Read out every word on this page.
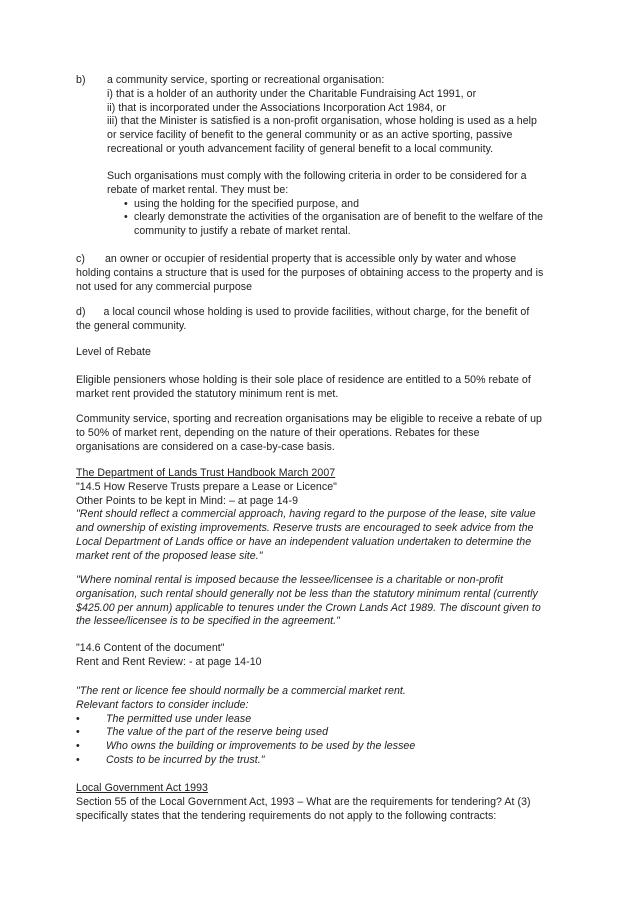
b) a community service, sporting or recreational organisation:
i) that is a holder of an authority under the Charitable Fundraising Act 1991, or
ii) that is incorporated under the Associations Incorporation Act 1984, or
iii) that the Minister is satisfied is a non-profit organisation, whose holding is used as a help
or service facility of benefit to the general community or as an active sporting, passive
recreational or youth advancement facility of general benefit to a local community.
Such organisations must comply with the following criteria in order to be considered for a
rebate of market rental. They must be:
• using the holding for the specified purpose, and
• clearly demonstrate the activities of the organisation are of benefit to the welfare of the
community to justify a rebate of market rental.
c) an owner or occupier of residential property that is accessible only by water and whose
holding contains a structure that is used for the purposes of obtaining access to the property and is
not used for any commercial purpose
d) a local council whose holding is used to provide facilities, without charge, for the benefit of
the general community.
Level of Rebate
Eligible pensioners whose holding is their sole place of residence are entitled to a 50% rebate of
market rent provided the statutory minimum rent is met.
Community service, sporting and recreation organisations may be eligible to receive a rebate of up
to 50% of market rent, depending on the nature of their operations. Rebates for these
organisations are considered on a case-by-case basis.
The Department of Lands Trust Handbook March 2007
"14.5 How Reserve Trusts prepare a Lease or Licence"
Other Points to be kept in Mind: – at page 14-9
"Rent should reflect a commercial approach, having regard to the purpose of the lease, site value
and ownership of existing improvements. Reserve trusts are encouraged to seek advice from the
Local Department of Lands office or have an independent valuation undertaken to determine the
market rent of the proposed lease site."
"Where nominal rental is imposed because the lessee/licensee is a charitable or non-profit
organisation, such rental should generally not be less than the statutory minimum rental (currently
$425.00 per annum) applicable to tenures under the Crown Lands Act 1989. The discount given to
the lessee/licensee is to be specified in the agreement."
"14.6 Content of the document"
Rent and Rent Review: - at page 14-10
"The rent or licence fee should normally be a commercial market rent.
Relevant factors to consider include:
• The permitted use under lease
• The value of the part of the reserve being used
• Who owns the building or improvements to be used by the lessee
• Costs to be incurred by the trust."
Local Government Act 1993
Section 55 of the Local Government Act, 1993 – What are the requirements for tendering? At (3)
specifically states that the tendering requirements do not apply to the following contracts:
